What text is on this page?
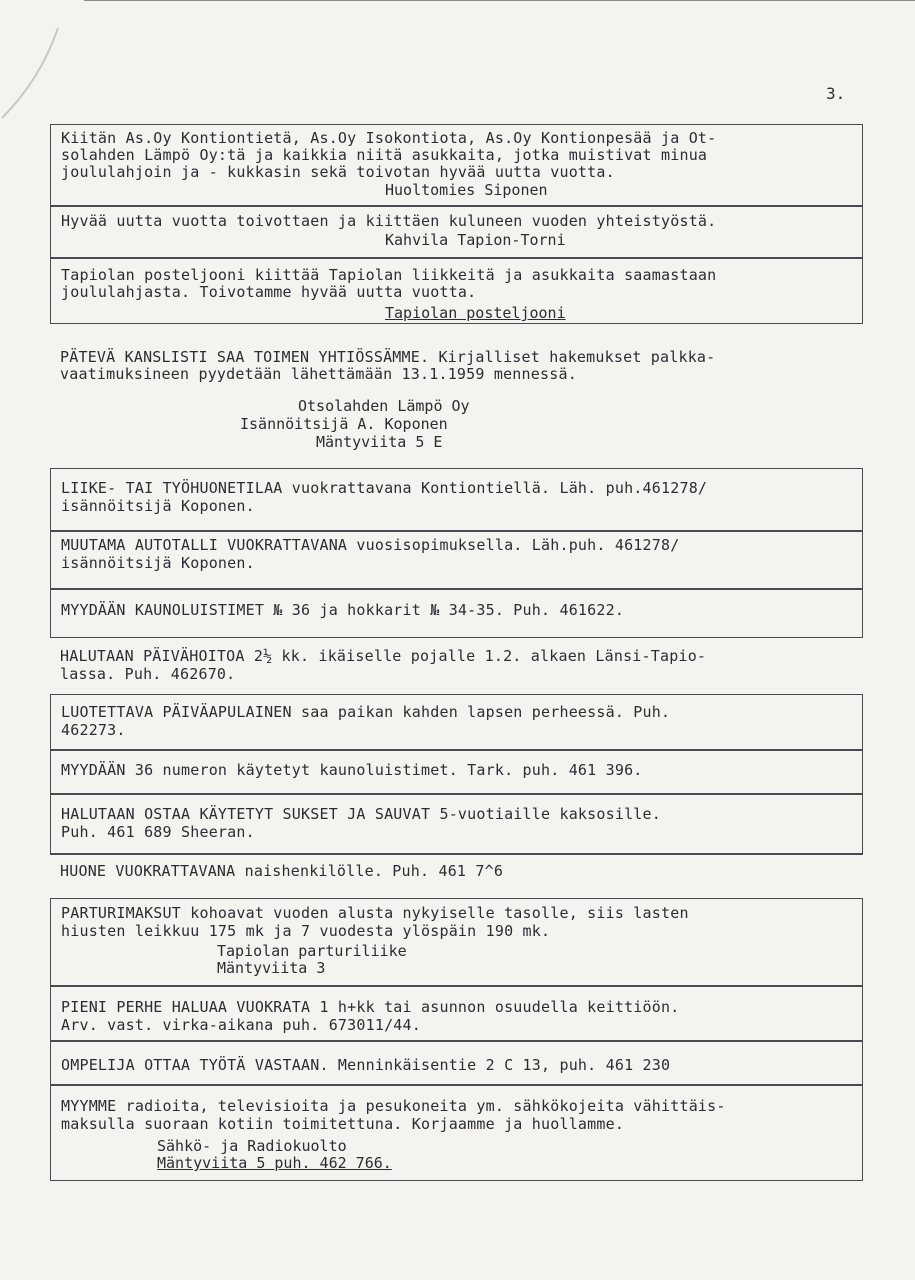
3.
Kiitän As.Oy Kontiontietä, As.Oy Isokontiota, As.Oy Kontionpesää ja Ot-
solahden Lämpö Oy:tä ja kaikkia niitä asukkaita, jotka muistivat minua
joululahjoin ja - kukkasin sekä toivotan hyvää uutta vuotta.
Huoltomies Siponen
Hyvää uutta vuotta toivottaen ja kiittäen kuluneen vuoden yhteistyöstä.
Kahvila Tapion-Torni
Tapiolan posteljooni kiittää Tapiolan liikkeitä ja asukkaita saamastaan
joululahjasta. Toivotamme hyvää uutta vuotta.
Tapiolan posteljooni
PÄTEVÄ KANSLISTI SAA TOIMEN YHTIÖSSÄMME. Kirjalliset hakemukset palkka-
vaatimuksineen pyydetään lähettämään 13.1.1959 mennessä.
Otsolahden Lämpö Oy
Isännöitsijä A. Koponen
Mäntyviita 5 E
LIIKE- TAI TYÖHUONETILAA vuokrattavana Kontiontiellä. Läh. puh.461278/
isännöitsijä Koponen.
MUUTAMA AUTOTALLI VUOKRATTAVANA vuosisopimuksella. Läh.puh. 461278/
isännöitsijä Koponen.
MYYDÄÄN KAUNOLUISTIMET № 36 ja hokkarit № 34-35. Puh. 461622.
HALUTAAN PÄIVÄHOITOA 2½ kk. ikäiselle pojalle 1.2. alkaen Länsi-Tapio-
lassa. Puh. 462670.
LUOTETTAVA PÄIVÄAPULAINEN saa paikan kahden lapsen perheessä. Puh.
462273.
MYYDÄÄN 36 numeron käytetyt kaunoluistimet. Tark. puh. 461 396.
HALUTAAN OSTAA KÄYTETYT SUKSET JA SAUVAT 5-vuotiaille kaksosille.
Puh. 461 689 Sheeran.
HUONE VUOKRATTAVANA naishenkilölle. Puh. 461 7^6
PARTURIMAKSUT kohoavat vuoden alusta nykyiselle tasolle, siis lasten
hiusten leikkuu 175 mk ja 7 vuodesta ylöspäin 190 mk.
Tapiolan parturiliike
Mäntyviita 3
PIENI PERHE HALUAA VUOKRATA 1 h+kk tai asunnon osuudella keittiöön.
Arv. vast. virka-aikana puh. 673011/44.
OMPELIJA OTTAA TYÖTÄ VASTAAN. Menninkäisentie 2 C 13, puh. 461 230
MYYMME radioita, televisioita ja pesukoneita ym. sähkökojeita vähittäis-
maksulla suoraan kotiin toimitettuna. Korjaamme ja huollamme.
Sähkö- ja Radiokuolto
Mäntyviita 5 puh. 462 766.
